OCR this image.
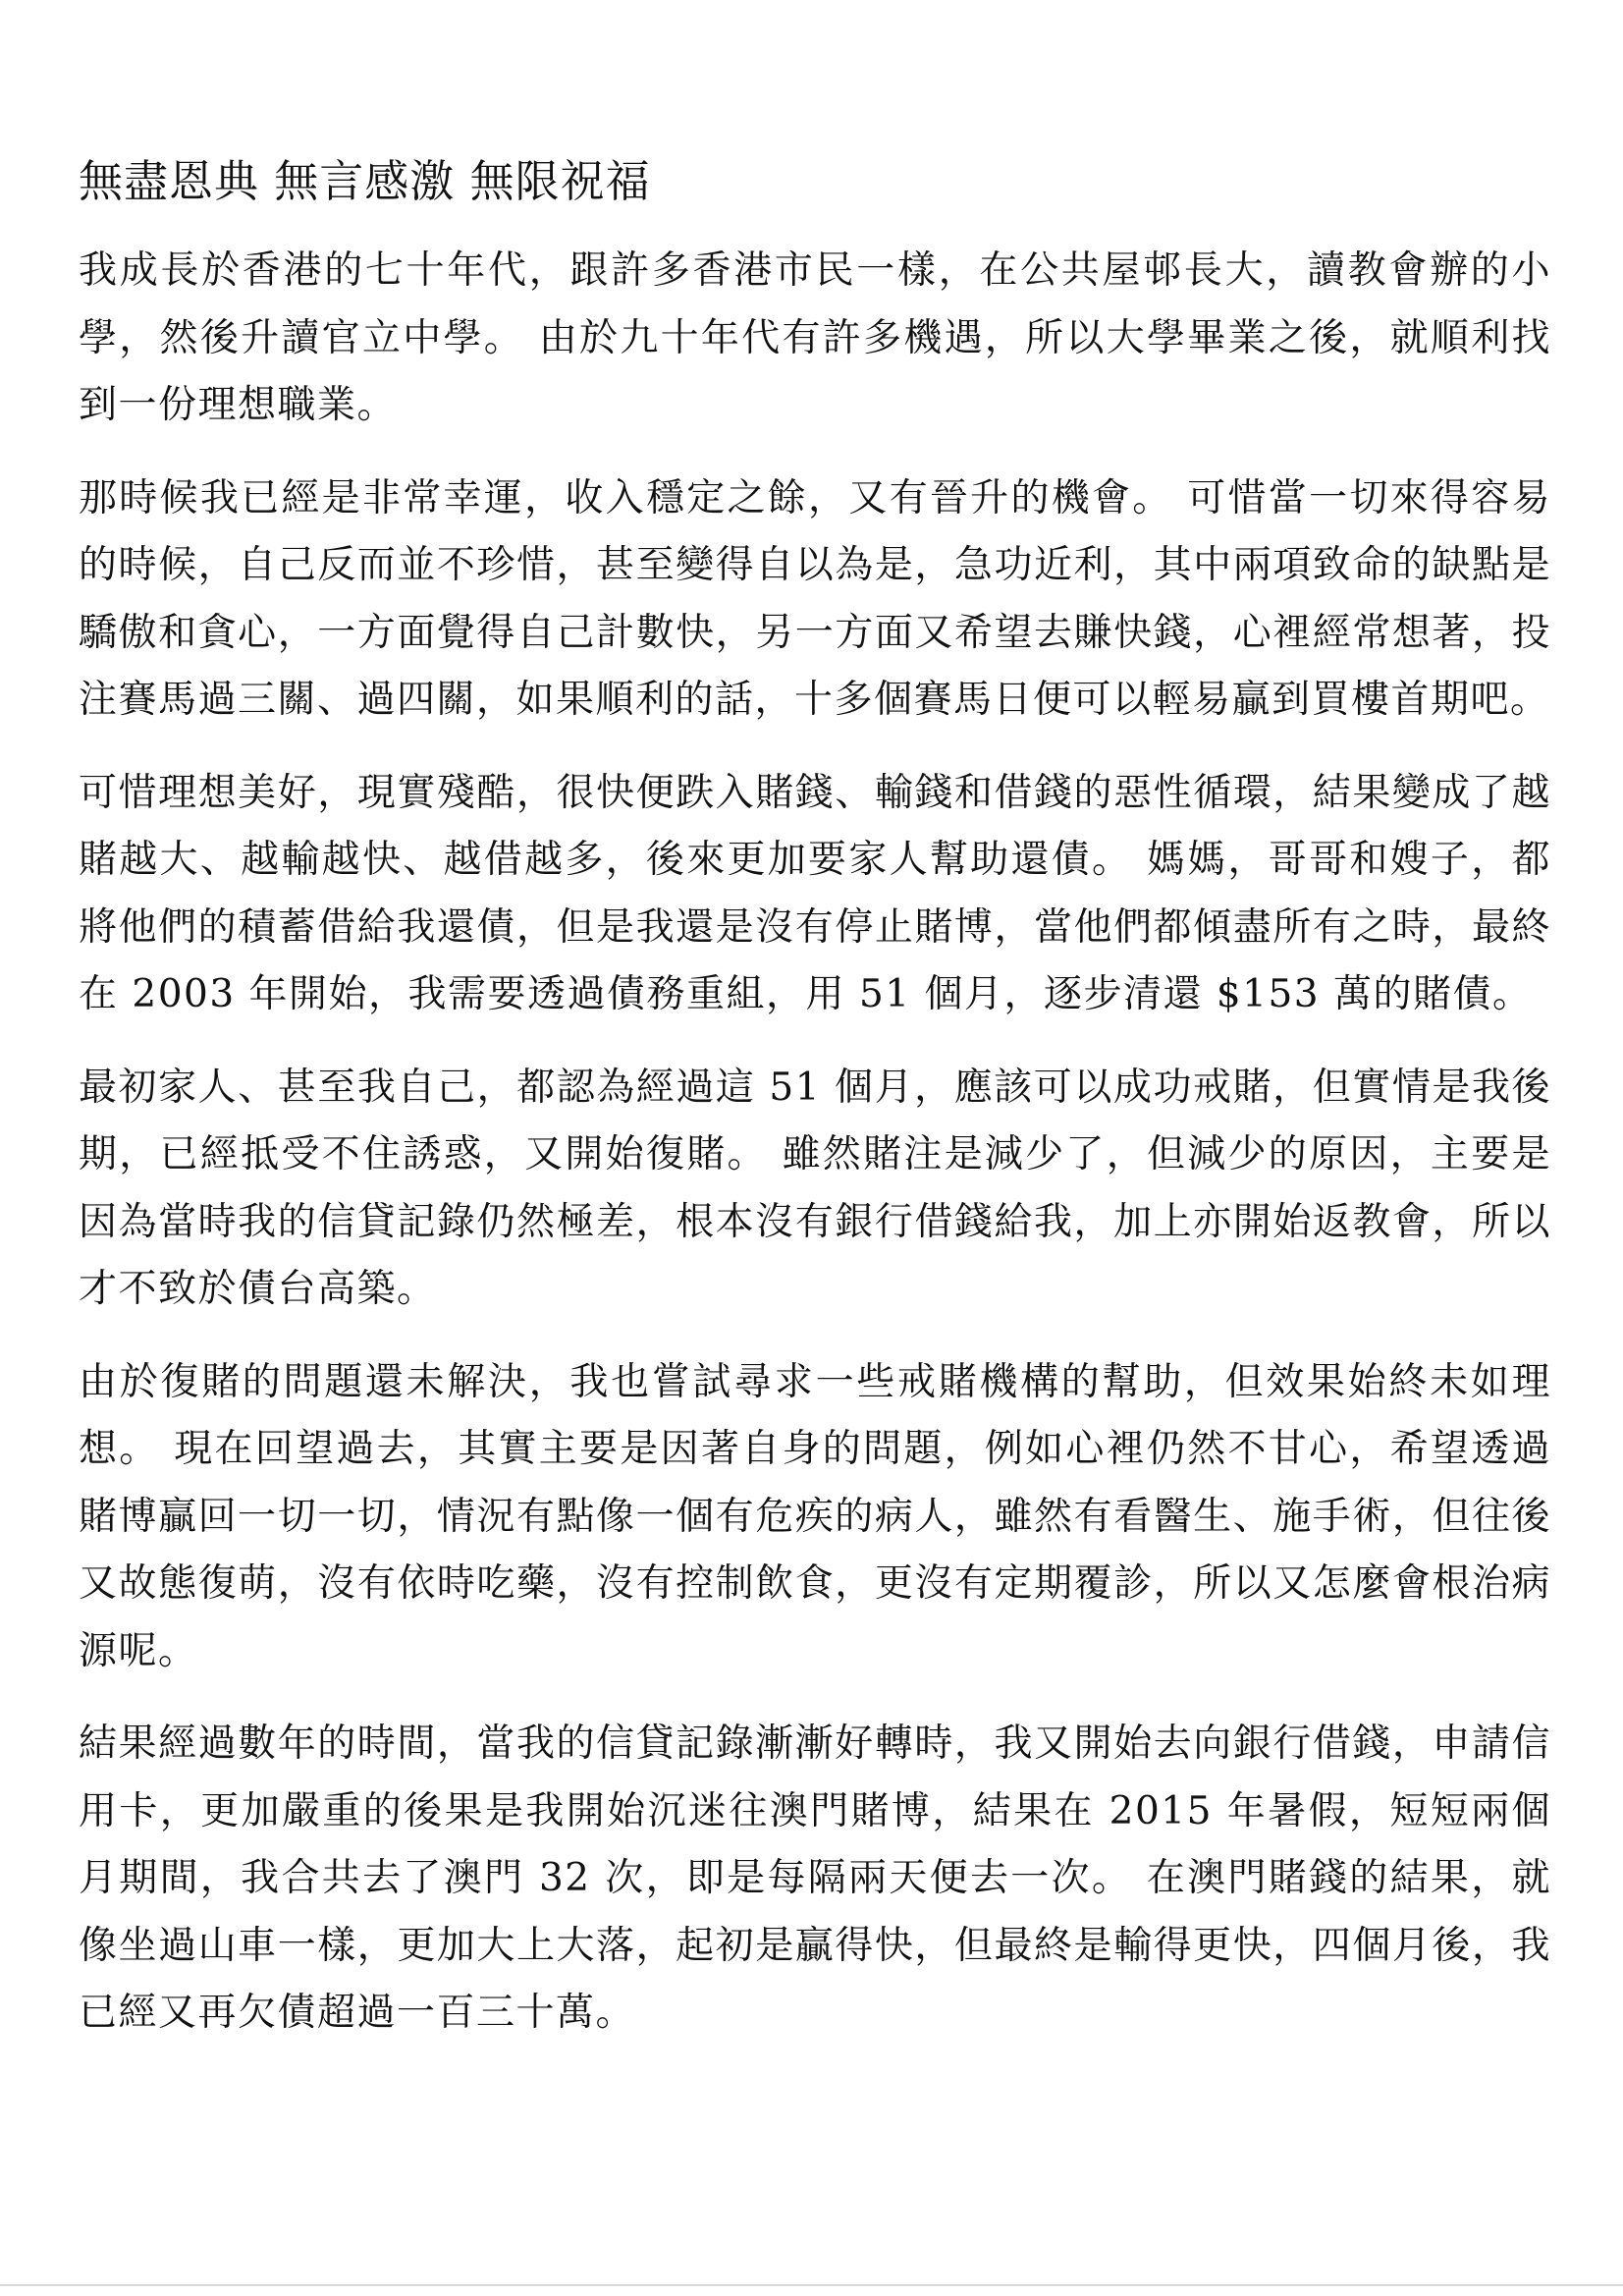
無盡恩典 無言感激 無限祝福

我成長於香港的七十年代，跟許多香港市民一樣，在公共屋邨長大，讀教會辦的小學，然後升讀官立中學。 由於九十年代有許多機遇，所以大學畢業之後，就順利找到一份理想職業。

那時候我已經是非常幸運，收入穩定之餘，又有晉升的機會。 可惜當一切來得容易的時候，自己反而並不珍惜，甚至變得自以為是，急功近利，其中兩項致命的缺點是驕傲和貪心，一方面覺得自己計數快，另一方面又希望去賺快錢，心裡經常想著，投注賽馬過三關、過四關，如果順利的話，十多個賽馬日便可以輕易贏到買樓首期吧。

可惜理想美好，現實殘酷，很快便跌入賭錢、輸錢和借錢的惡性循環，結果變成了越賭越大、越輸越快、越借越多，後來更加要家人幫助還債。 媽媽，哥哥和嫂子，都將他們的積蓄借給我還債，但是我還是沒有停止賭博，當他們都傾盡所有之時，最終在 2003 年開始，我需要透過債務重組，用 51 個月，逐步清還 $153 萬的賭債。

最初家人、甚至我自己，都認為經過這 51 個月，應該可以成功戒賭，但實情是我後期，已經抵受不住誘惑，又開始復賭。 雖然賭注是減少了，但減少的原因，主要是因為當時我的信貸記錄仍然極差，根本沒有銀行借錢給我，加上亦開始返教會，所以才不致於債台高築。

由於復賭的問題還未解決，我也嘗試尋求一些戒賭機構的幫助，但效果始終未如理想。 現在回望過去，其實主要是因著自身的問題，例如心裡仍然不甘心，希望透過賭博贏回一切一切，情況有點像一個有危疾的病人，雖然有看醫生、施手術，但往後又故態復萌，沒有依時吃藥，沒有控制飲食，更沒有定期覆診，所以又怎麼會根治病源呢。

結果經過數年的時間，當我的信貸記錄漸漸好轉時，我又開始去向銀行借錢，申請信用卡，更加嚴重的後果是我開始沉迷往澳門賭博，結果在 2015 年暑假，短短兩個月期間，我合共去了澳門 32 次，即是每隔兩天便去一次。 在澳門賭錢的結果，就像坐過山車一樣，更加大上大落，起初是贏得快，但最終是輸得更快，四個月後，我已經又再欠債超過一百三十萬。
